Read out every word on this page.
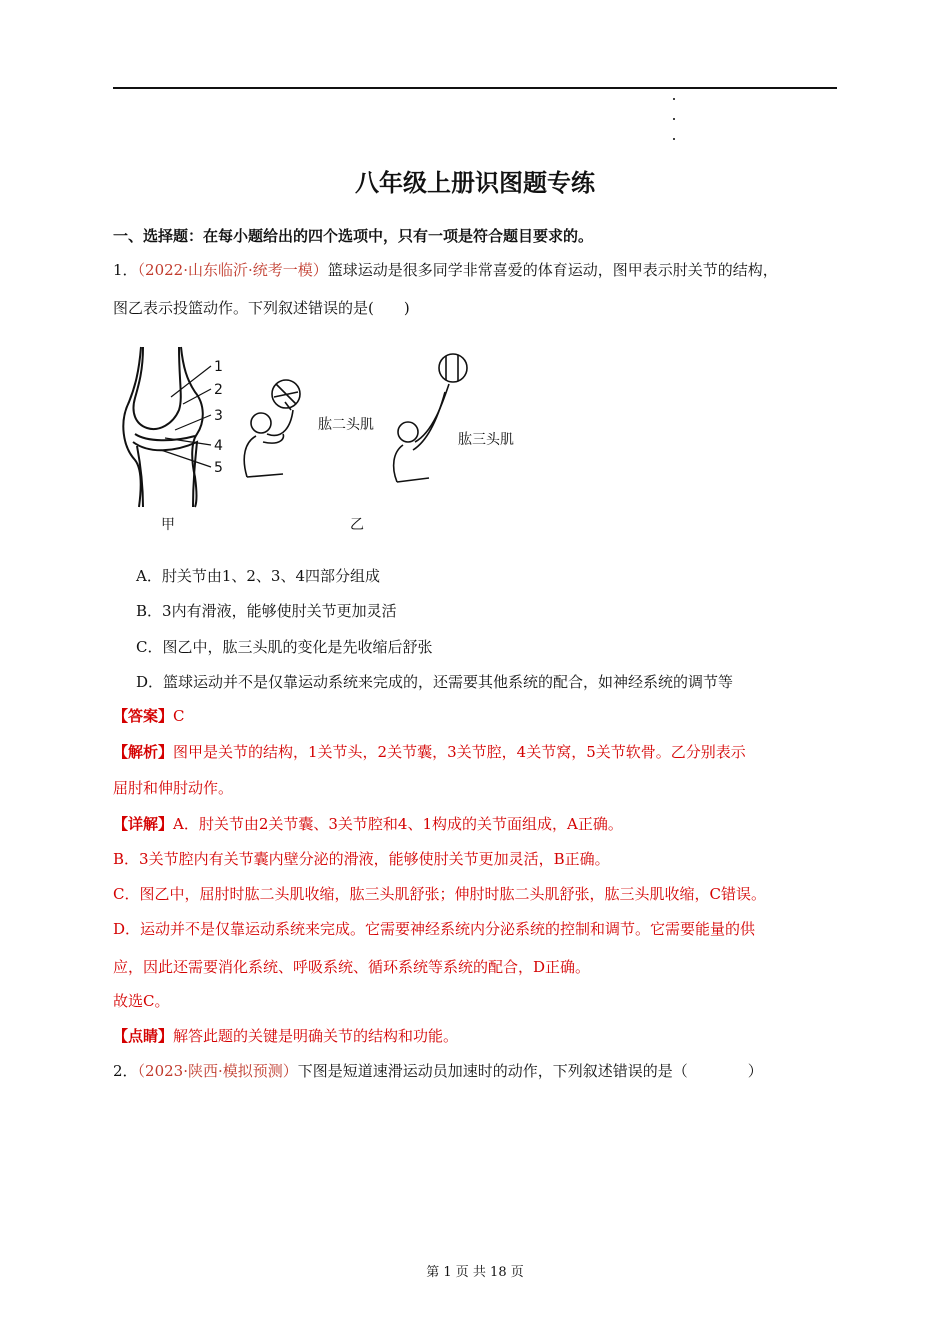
八年级上册识图题专练
一、选择题：在每小题给出的四个选项中，只有一项是符合题目要求的。
1．（2022·山东临沂·统考一模）篮球运动是很多同学非常喜爱的体育运动，图甲表示肘关节的结构，
图乙表示投篮动作。下列叙述错误的是(　　)
1
2
3
4
5
甲
肱二头肌
肱三头肌
乙
A．肘关节由1、2、3、4四部分组成
B．3内有滑液，能够使肘关节更加灵活
C．图乙中，肱三头肌的变化是先收缩后舒张
D．篮球运动并不是仅靠运动系统来完成的，还需要其他系统的配合，如神经系统的调节等
【答案】C
【解析】图甲是关节的结构，1关节头，2关节囊，3关节腔，4关节窝，5关节软骨。乙分别表示
屈肘和伸肘动作。
【详解】A．肘关节由2关节囊、3关节腔和4、1构成的关节面组成，A正确。
B．3关节腔内有关节囊内壁分泌的滑液，能够使肘关节更加灵活，B正确。
C．图乙中，屈肘时肱二头肌收缩，肱三头肌舒张；伸肘时肱二头肌舒张，肱三头肌收缩，C错误。
D．运动并不是仅靠运动系统来完成。它需要神经系统内分泌系统的控制和调节。它需要能量的供
应，因此还需要消化系统、呼吸系统、循环系统等系统的配合，D正确。
故选C。
【点睛】解答此题的关键是明确关节的结构和功能。
2．（2023·陕西·模拟预测）下图是短道速滑运动员加速时的动作，下列叙述错误的是（　　　　）
第 1 页 共 18 页
